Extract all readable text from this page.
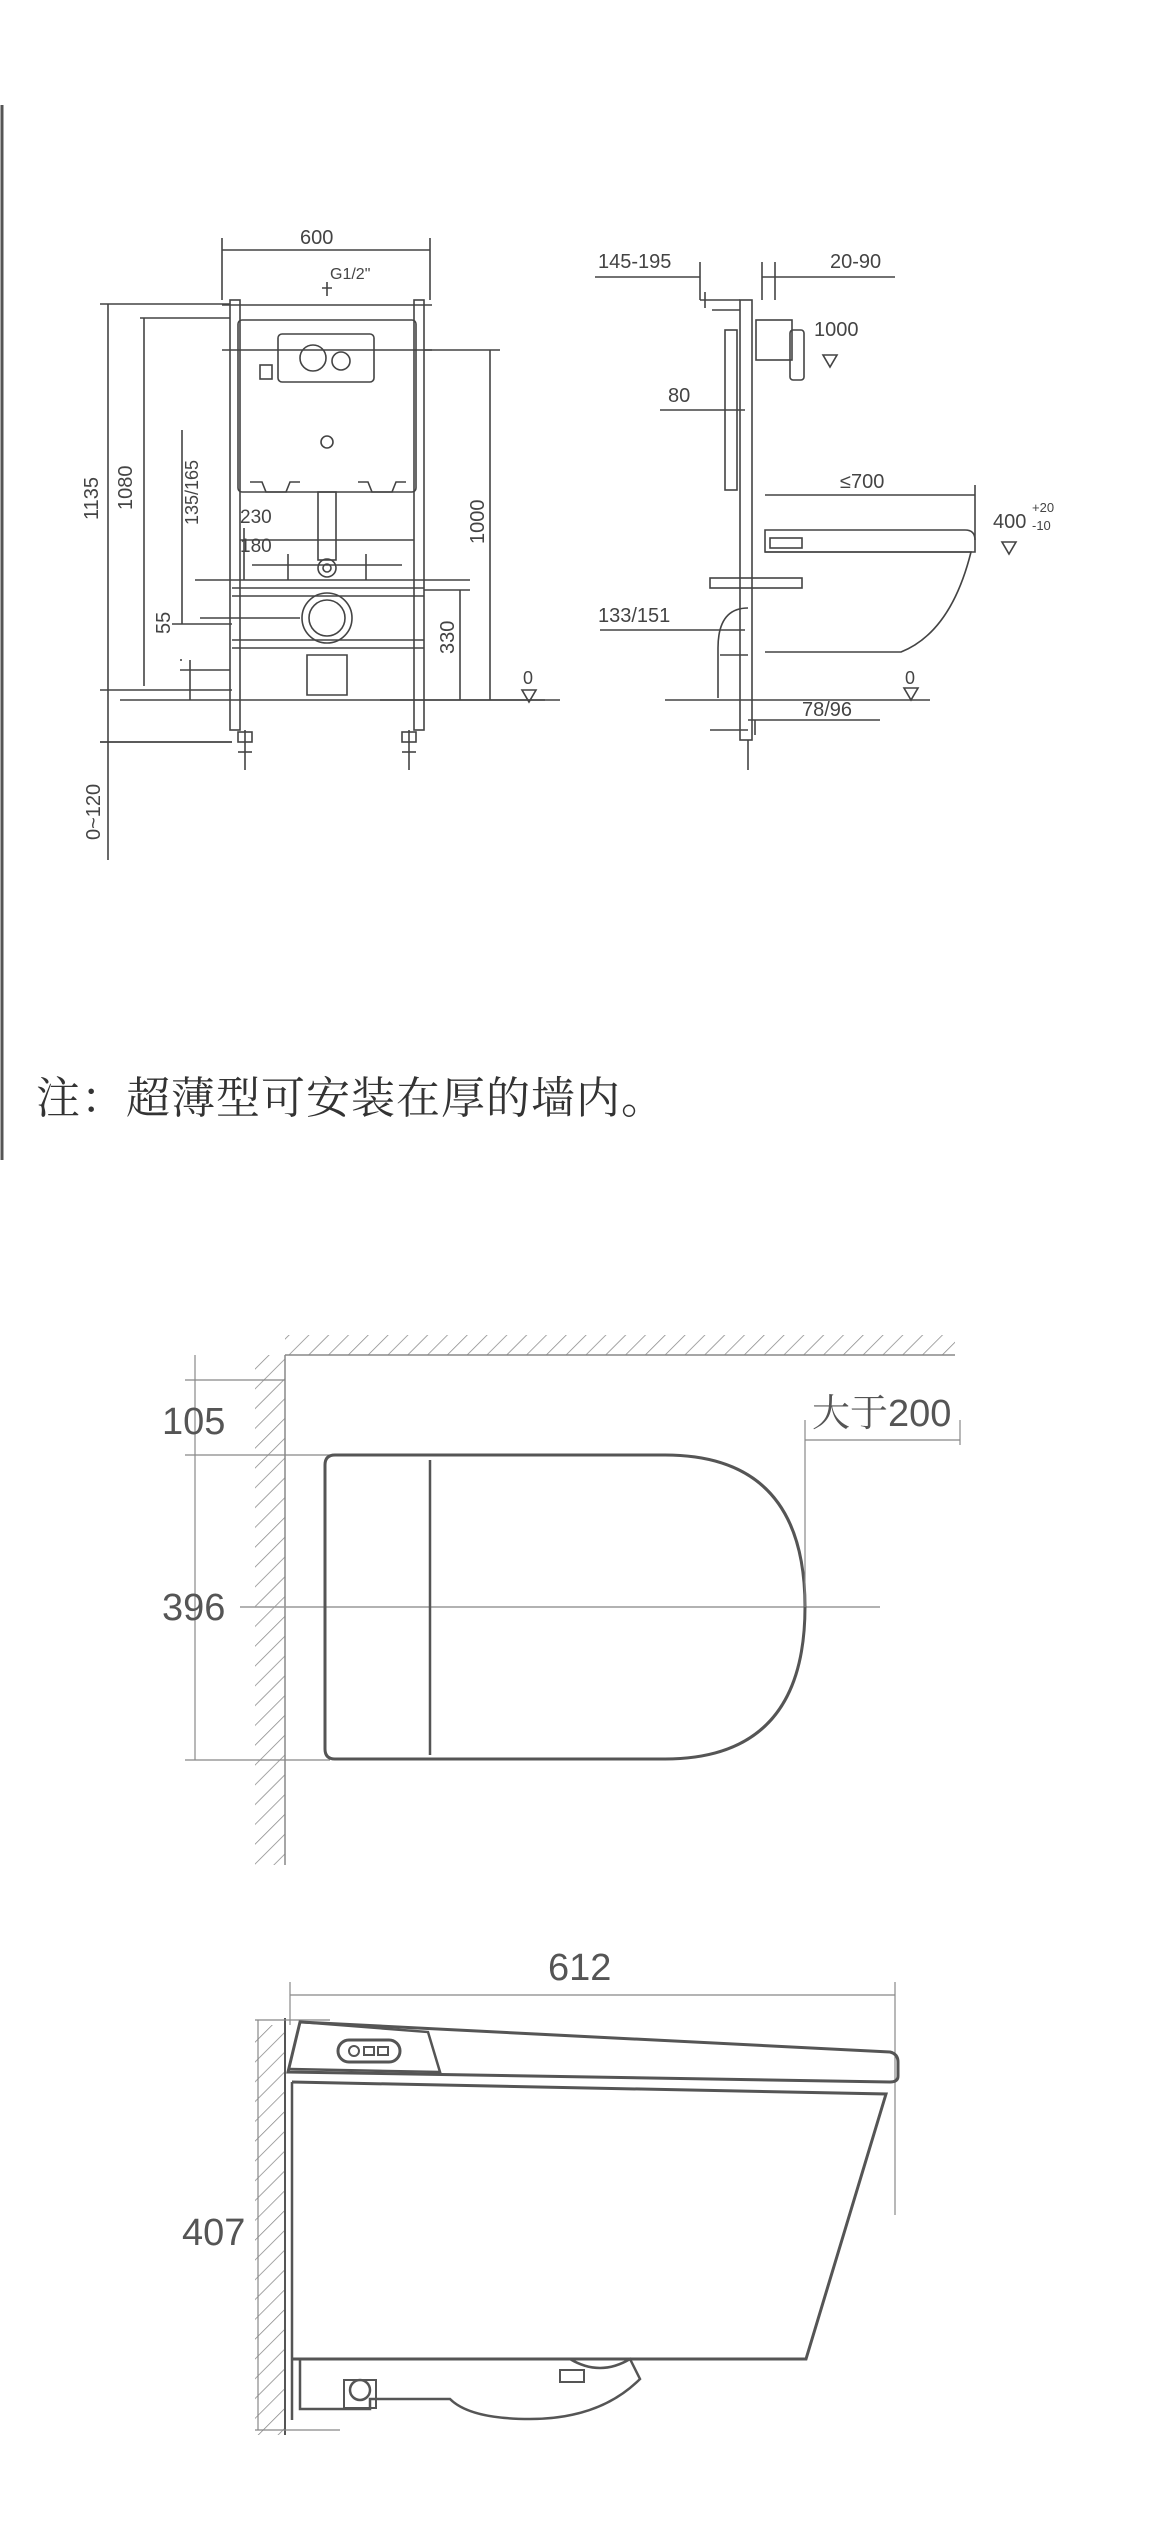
600
G1/2"
1135 1080	135/165
55
1000
330
230
180
0~120
0
145-195	20-90
1000
80
≤700
400
+20
-10
133/151
0
78/96
105
396
大于200
612
407
注：超薄型可安装在厚的墙内。
